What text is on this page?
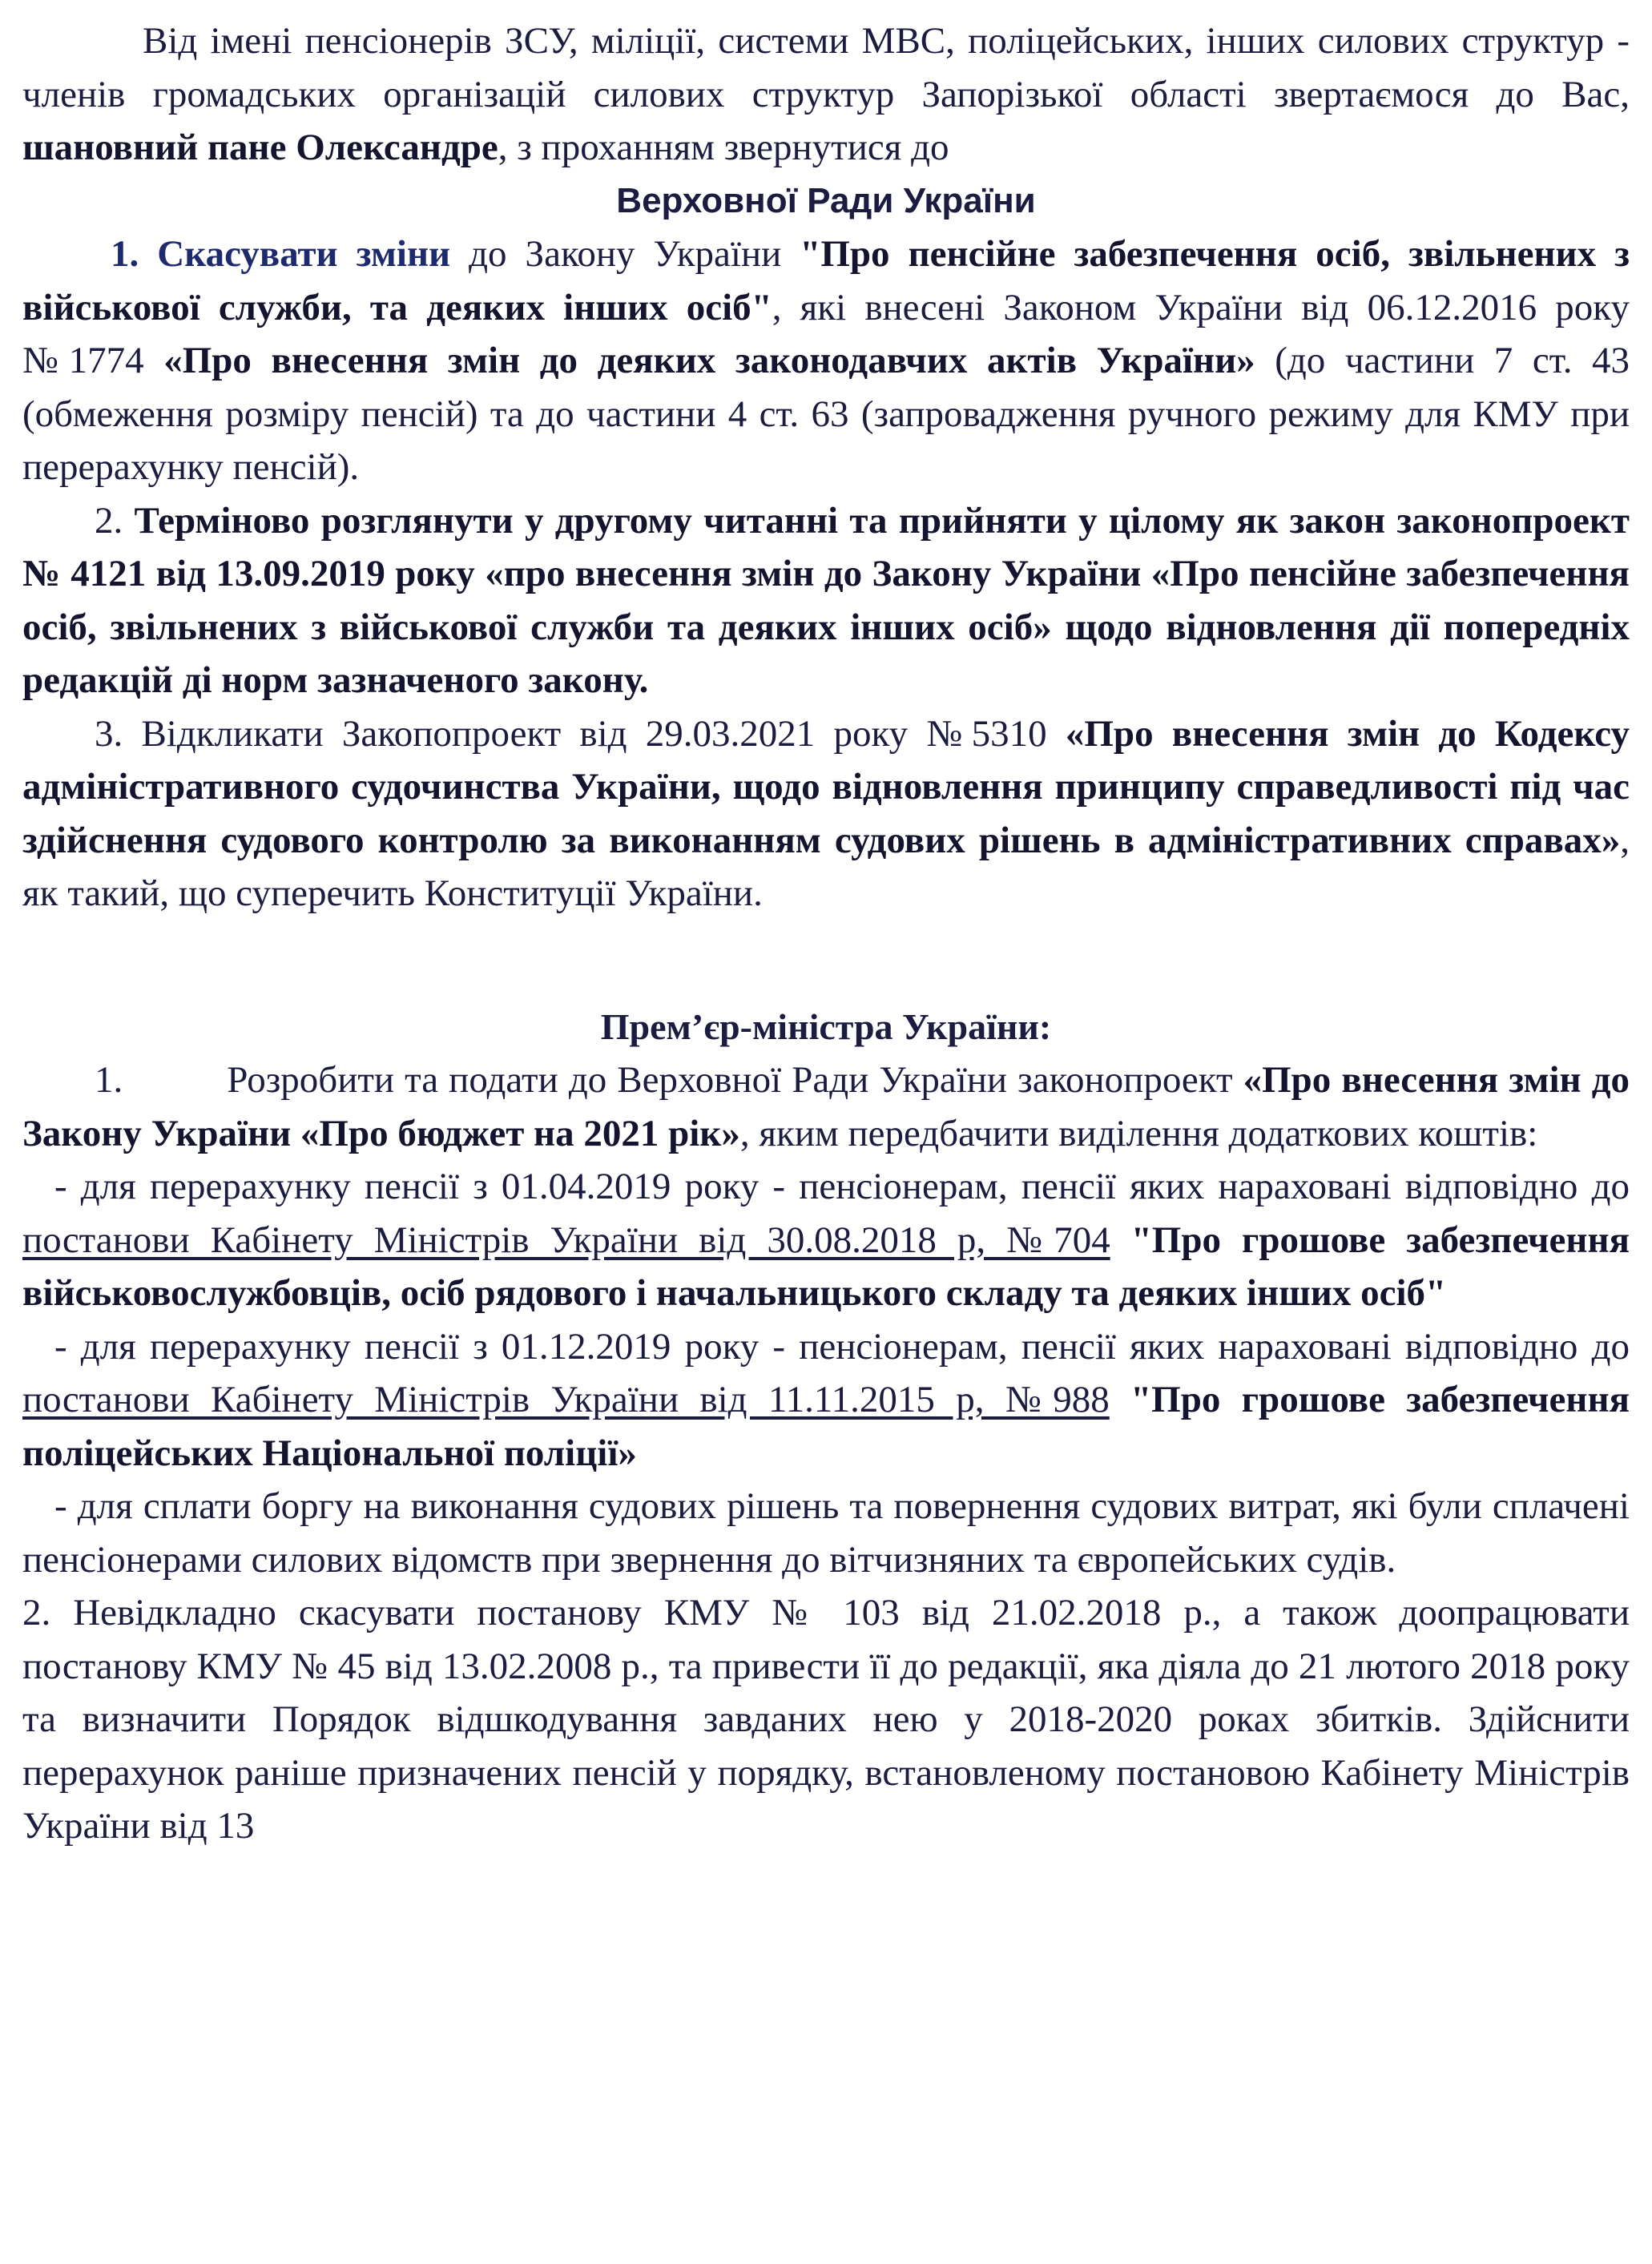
Від імені пенсіонерів ЗСУ, міліції, системи МВС, поліцейських, інших силових структур - членів громадських організацій силових структур Запорізької області звертаємося до Вас, шановний пане Олександре, з проханням звернутися до

Верховної Ради України

1. Скасувати зміни до Закону України "Про пенсійне забезпечення осіб, звільнених з військової служби, та деяких інших осіб", які внесені Законом України від 06.12.2016 року №1774 «Про внесення змін до деяких законодавчих актів України» (до частини 7 ст. 43 (обмеження розміру пенсій) та до частини 4 ст. 63 (запровадження ручного режиму для КМУ при перерахунку пенсій).

2. Терміново розглянути у другому читанні та прийняти у цілому як закон законопроект № 4121 від 13.09.2019 року «про внесення змін до Закону України «Про пенсійне забезпечення осіб, звільнених з військової служби та деяких інших осіб» щодо відновлення дії попередніх редакцій ді норм зазначеного закону.

3. Відкликати Закопопроект від 29.03.2021 року №5310 «Про внесення змін до Кодексу адміністративного судочинства України, щодо відновлення принципу справедливості під час здійснення судового контролю за виконанням судових рішень в адміністративних справах», як такий, що суперечить Конституції України.

Прем’єр-міністра України:

1.	Розробити та подати до Верховної Ради України законопроект «Про внесення змін до Закону України «Про бюджет на 2021 рік», яким передбачити виділення додаткових коштів:

- для перерахунку пенсії з 01.04.2019 року - пенсіонерам, пенсії яких нараховані відповідно до постанови Кабінету Міністрів України від 30.08.2018 р, №704 "Про грошове забезпечення військовослужбовців, осіб рядового і начальницького складу та деяких інших осіб"

- для перерахунку пенсії з 01.12.2019 року - пенсіонерам, пенсії яких нараховані відповідно до постанови Кабінету Міністрів України від 11.11.2015 р, №988 "Про грошове забезпечення поліцейських Національної поліції»

- для сплати боргу на виконання судових рішень та повернення судових витрат, які були сплачені пенсіонерами силових відомств при звернення до вітчизняних та європейських судів.

2. Невідкладно скасувати постанову КМУ № 103 від 21.02.2018 р., а також доопрацювати постанову КМУ № 45 від 13.02.2008 р., та привести її до редакції, яка діяла до 21 лютого 2018 року та визначити Порядок відшкодування завданих нею у 2018-2020 роках збитків. Здійснити перерахунок раніше призначених пенсій у порядку, встановленому постановою Кабінету Міністрів України від 13
